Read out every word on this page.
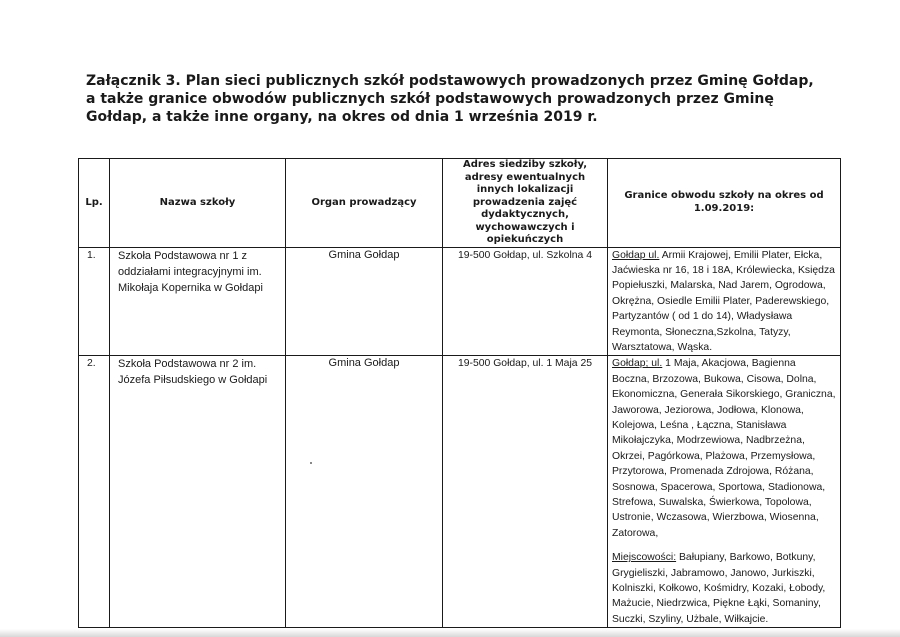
Załącznik 3. Plan sieci publicznych szkół podstawowych prowadzonych przez Gminę Gołdap, a także granice obwodów publicznych szkół podstawowych prowadzonych przez Gminę Gołdap, a także inne organy, na okres od dnia 1 września 2019 r.

Lp.	Nazwa szkoły	Organ prowadzący	Adres siedziby szkoły, adresy ewentualnych innych lokalizacji prowadzenia zajęć dydaktycznych, wychowawczych i opiekuńczych	Granice obwodu szkoły na okres od 1.09.2019:
1.	Szkoła Podstawowa nr 1 z oddziałami integracyjnymi im. Mikołaja Kopernika w Gołdapi	Gmina Gołdap	19-500 Gołdap, ul. Szkolna 4	Gołdap ul. Armii Krajowej, Emilii Plater, Ełcka, Jaćwieska nr 16, 18 i 18A, Królewiecka, Księdza Popiełuszki, Malarska, Nad Jarem, Ogrodowa, Okrężna, Osiedle Emilii Plater, Paderewskiego, Partyzantów ( od 1 do 14), Władysława Reymonta, Słoneczna,Szkolna, Tatyzy, Warsztatowa, Wąska.

2.	Szkoła Podstawowa nr 2 im. Józefa Piłsudskiego w Gołdapi	Gmina Gołdap	19-500 Gołdap, ul. 1 Maja 25	Gołdap; ul. 1 Maja, Akacjowa, Bagienna Boczna, Brzozowa, Bukowa, Cisowa, Dolna, Ekonomiczna, Generała Sikorskiego, Graniczna, Jaworowa, Jeziorowa, Jodłowa, Klonowa, Kolejowa, Leśna , Łączna, Stanisława Mikołajczyka, Modrzewiowa, Nadbrzeżna, Okrzei, Pagórkowa, Plażowa, Przemysłowa, Przytorowa, Promenada Zdrojowa, Różana, Sosnowa, Spacerowa, Sportowa, Stadionowa, Strefowa, Suwalska, Świerkowa, Topolowa, Ustronie, Wczasowa, Wierzbowa, Wiosenna, Zatorowa,

Miejscowości: Bałupiany, Barkowo, Botkuny, Grygieliszki, Jabramowo, Janowo, Jurkiszki, Kolniszki, Kołkowo, Kośmidry, Kozaki, Łobody, Mażucie, Niedrzwica, Piękne Łąki, Somaniny, Suczki, Szyliny, Użbale, Wiłkajcie.
